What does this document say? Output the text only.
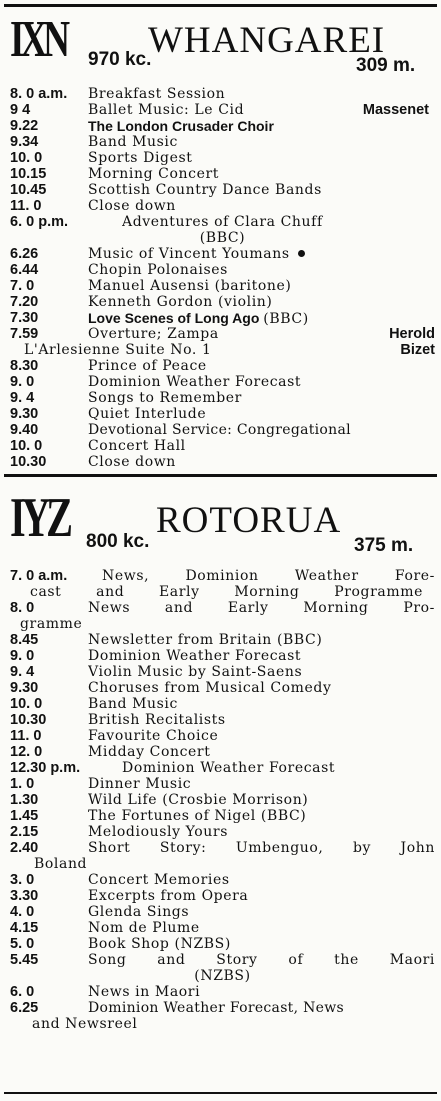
IXN 970 kc.
WHANGAREI
309 m.
8. 0 a.m. Breakfast Session
9 4	Ballet Music: Le Cid	Massenet
9.22	The London Crusader Choir
9.34	Band Music
10. 0	Sports Digest
10.15	Morning Concert
10.45	Scottish Country Dance Bands
11. 0	Close down
6. 0 p.m.	Adventures of Clara Chuff
(BBC)
6.26	Music of Vincent Youmans
6.44	Chopin Polonaises
7. 0	Manuel Ausensi (baritone)
7.20	Kenneth Gordon (violin)
7.30	Love Scenes of Long Ago (BBC)
7.59	Overture; Zampa	Herold
L'Arlesienne Suite No. 1	Bizet
8.30	Prince of Peace
9. 0	Dominion Weather Forecast
9. 4	Songs to Remember
9.30	Quiet Interlude
9.40	Devotional Service: Congregational
10. 0	Concert Hall
10.30	Close down
IYZ 800 kc.
ROTORUA
375 m.
7. 0 a.m. News, Dominion Weather Fore-
cast and Early Morning Programme
8. 0	News and Early Morning Pro-
gramme
8.45	Newsletter from Britain (BBC)
9. 0	Dominion Weather Forecast
9. 4	Violin Music by Saint-Saens
9.30	Choruses from Musical Comedy
10. 0	Band Music
10.30	British Recitalists
11. 0	Favourite Choice
12. 0	Midday Concert
12.30 p.m.	Dominion Weather Forecast
1. 0	Dinner Music
1.30	Wild Life (Crosbie Morrison)
1.45	The Fortunes of Nigel (BBC)
2.15	Melodiously Yours
2.40	Short Story: Umbenguo, by John
Boland
3. 0	Concert Memories
3.30	Excerpts from Opera
4. 0	Glenda Sings
4.15	Nom de Plume
5. 0	Book Shop (NZBS)
5.45	Song and Story of the Maori
(NZBS)
6. 0	News in Maori
6.25	Dominion Weather Forecast, News
and Newsreel
